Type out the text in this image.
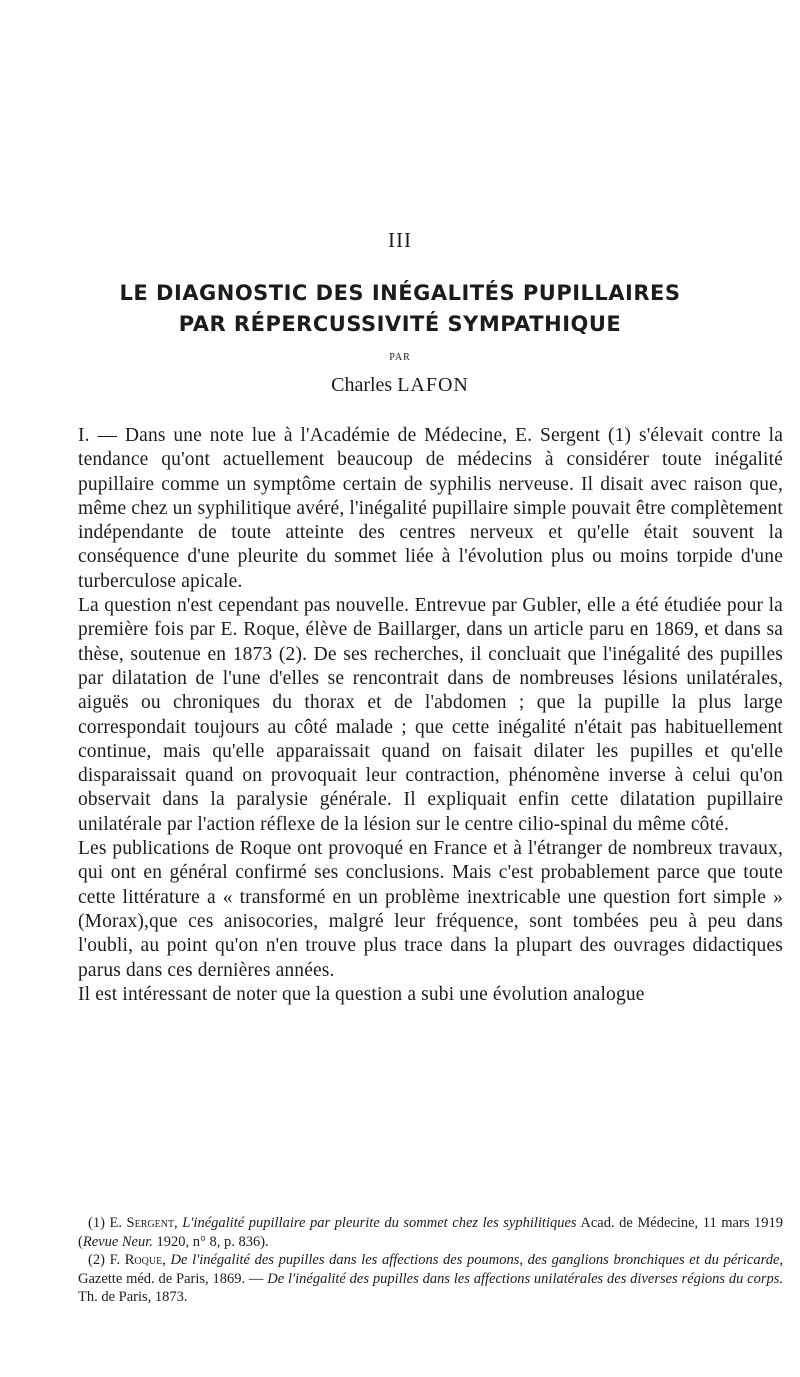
III
LE DIAGNOSTIC DES INÉGALITÉS PUPILLAIRES
PAR RÉPERCUSSIVITÉ SYMPATHIQUE
PAR
Charles LAFON

I. — Dans une note lue à l'Académie de Médecine, E. Sergent (1) s'élevait contre la tendance qu'ont actuellement beaucoup de médecins à considérer toute inégalité pupillaire comme un symptôme certain de syphilis nerveuse. Il disait avec raison que, même chez un syphilitique avéré, l'inégalité pupillaire simple pouvait être complètement indépendante de toute atteinte des centres nerveux et qu'elle était souvent la conséquence d'une pleurite du sommet liée à l'évolution plus ou moins torpide d'une turberculose apicale.

La question n'est cependant pas nouvelle. Entrevue par Gubler, elle a été étudiée pour la première fois par E. Roque, élève de Baillarger, dans un article paru en 1869, et dans sa thèse, soutenue en 1873 (2). De ses recherches, il concluait que l'inégalité des pupilles par dilatation de l'une d'elles se rencontrait dans de nombreuses lésions unilatérales, aiguës ou chroniques du thorax et de l'abdomen ; que la pupille la plus large correspondait toujours au côté malade ; que cette inégalité n'était pas habituellement continue, mais qu'elle apparaissait quand on faisait dilater les pupilles et qu'elle disparaissait quand on provoquait leur contraction, phénomène inverse à celui qu'on observait dans la paralysie générale. Il expliquait enfin cette dilatation pupillaire unilatérale par l'action réflexe de la lésion sur le centre cilio-spinal du même côté.

Les publications de Roque ont provoqué en France et à l'étranger de nombreux travaux, qui ont en général confirmé ses conclusions. Mais c'est probablement parce que toute cette littérature a « transformé en un problème inextricable une question fort simple » (Morax),que ces anisocories, malgré leur fréquence, sont tombées peu à peu dans l'oubli, au point qu'on n'en trouve plus trace dans la plupart des ouvrages didactiques parus dans ces dernières années.

Il est intéressant de noter que la question a subi une évolution analogue

(1) E. Sergent, L'inégalité pupillaire par pleurite du sommet chez les syphilitiques Acad. de Médecine, 11 mars 1919 (Revue Neur. 1920, n° 8, p. 836).

(2) F. Roque, De l'inégalité des pupilles dans les affections des poumons, des ganglions bronchiques et du péricarde, Gazette méd. de Paris, 1869. — De l'inégalité des pupilles dans les affections unilatérales des diverses régions du corps. Th. de Paris, 1873.
